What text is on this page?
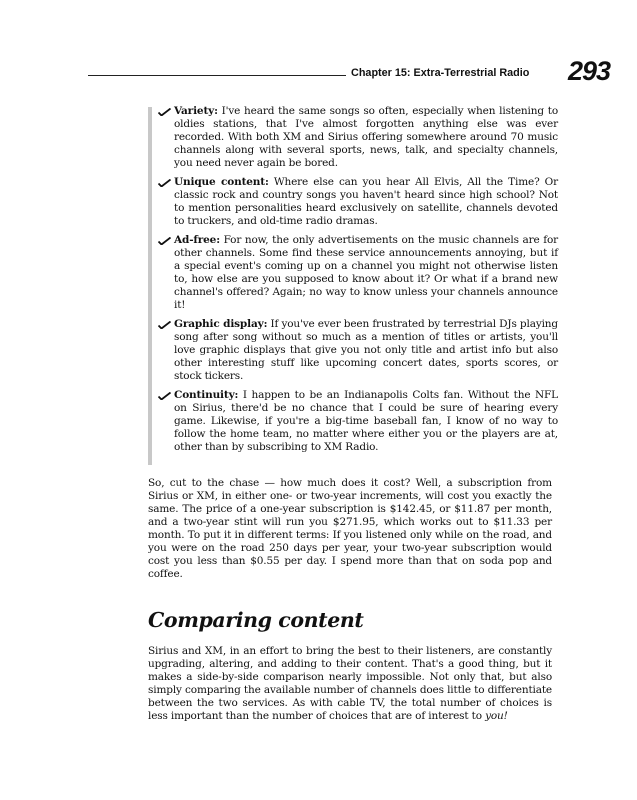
Chapter 15: Extra-Terrestrial Radio	293
Variety: I've heard the same songs so often, especially when listening to oldies stations, that I've almost forgotten anything else was ever recorded. With both XM and Sirius offering somewhere around 70 music channels along with several sports, news, talk, and specialty channels, you need never again be bored.
Unique content: Where else can you hear All Elvis, All the Time? Or classic rock and country songs you haven't heard since high school? Not to mention personalities heard exclusively on satellite, channels devoted to truckers, and old-time radio dramas.
Ad-free: For now, the only advertisements on the music channels are for other channels. Some find these service announcements annoying, but if a special event's coming up on a channel you might not otherwise listen to, how else are you supposed to know about it? Or what if a brand new channel's offered? Again; no way to know unless your channels announce it!
Graphic display: If you've ever been frustrated by terrestrial DJs playing song after song without so much as a mention of titles or artists, you'll love graphic displays that give you not only title and artist info but also other interesting stuff like upcoming concert dates, sports scores, or stock tickers.
Continuity: I happen to be an Indianapolis Colts fan. Without the NFL on Sirius, there'd be no chance that I could be sure of hearing every game. Likewise, if you're a big-time baseball fan, I know of no way to follow the home team, no matter where either you or the players are at, other than by subscribing to XM Radio.

So, cut to the chase — how much does it cost? Well, a subscription from Sirius or XM, in either one- or two-year increments, will cost you exactly the same. The price of a one-year subscription is $142.45, or $11.87 per month, and a two-year stint will run you $271.95, which works out to $11.33 per month. To put it in different terms: If you listened only while on the road, and you were on the road 250 days per year, your two-year subscription would cost you less than $0.55 per day. I spend more than that on soda pop and coffee.

Comparing content

Sirius and XM, in an effort to bring the best to their listeners, are constantly upgrading, altering, and adding to their content. That's a good thing, but it makes a side-by-side comparison nearly impossible. Not only that, but also simply comparing the available number of channels does little to differentiate between the two services. As with cable TV, the total number of choices is less important than the number of choices that are of interest to you!
